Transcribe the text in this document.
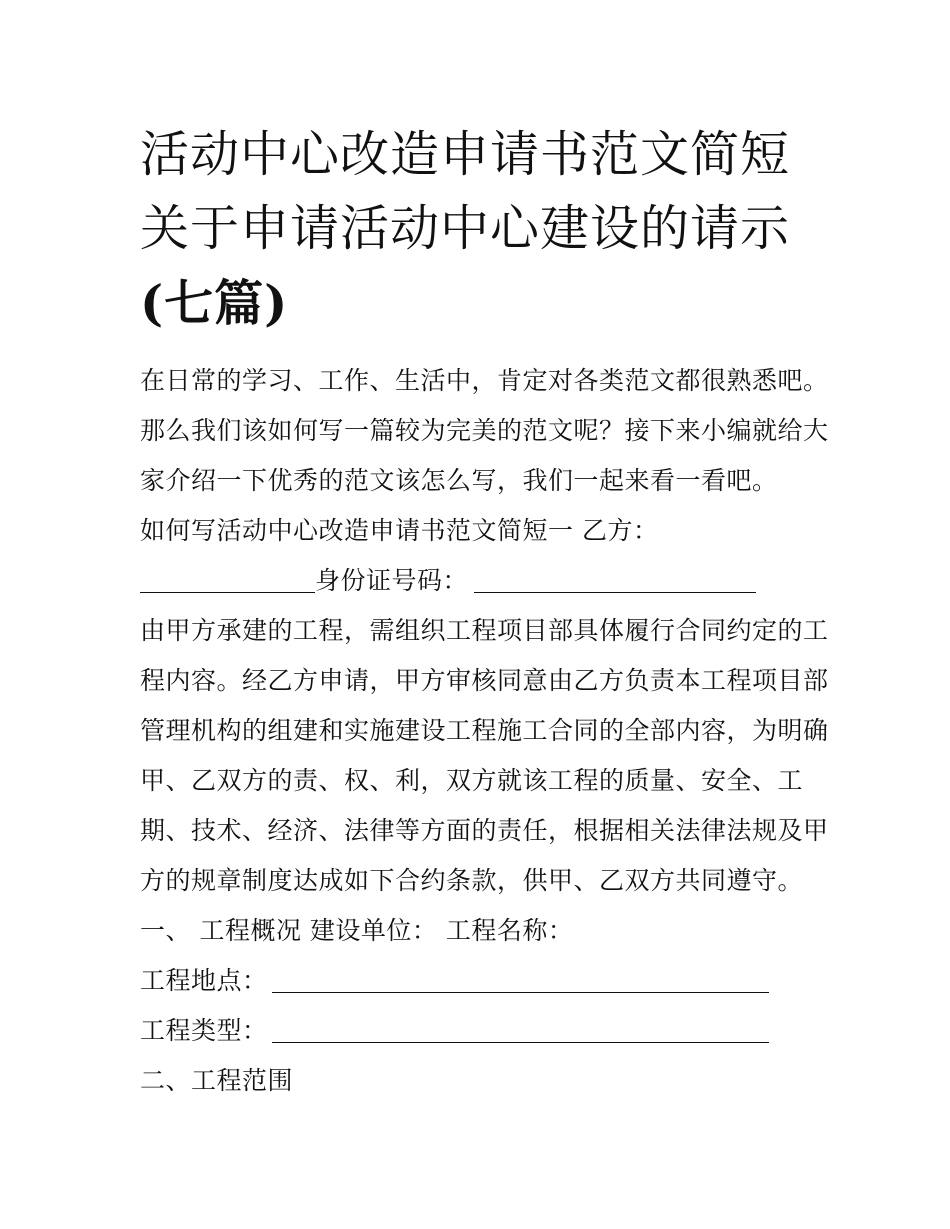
活动中心改造申请书范文简短
关于申请活动中心建设的请示
(七篇)
在日常的学习、工作、生活中，肯定对各类范文都很熟悉吧。
那么我们该如何写一篇较为完美的范文呢？接下来小编就给大
家介绍一下优秀的范文该怎么写，我们一起来看一看吧。
如何写活动中心改造申请书范文简短一 乙方：
身份证号码：
由甲方承建的工程，需组织工程项目部具体履行合同约定的工
程内容。经乙方申请，甲方审核同意由乙方负责本工程项目部
管理机构的组建和实施建设工程施工合同的全部内容，为明确
甲、乙双方的责、权、利，双方就该工程的质量、安全、工
期、技术、经济、法律等方面的责任，根据相关法律法规及甲
方的规章制度达成如下合约条款，供甲、乙双方共同遵守。
一、 工程概况 建设单位： 工程名称：
工程地点：
工程类型：
二、工程范围
